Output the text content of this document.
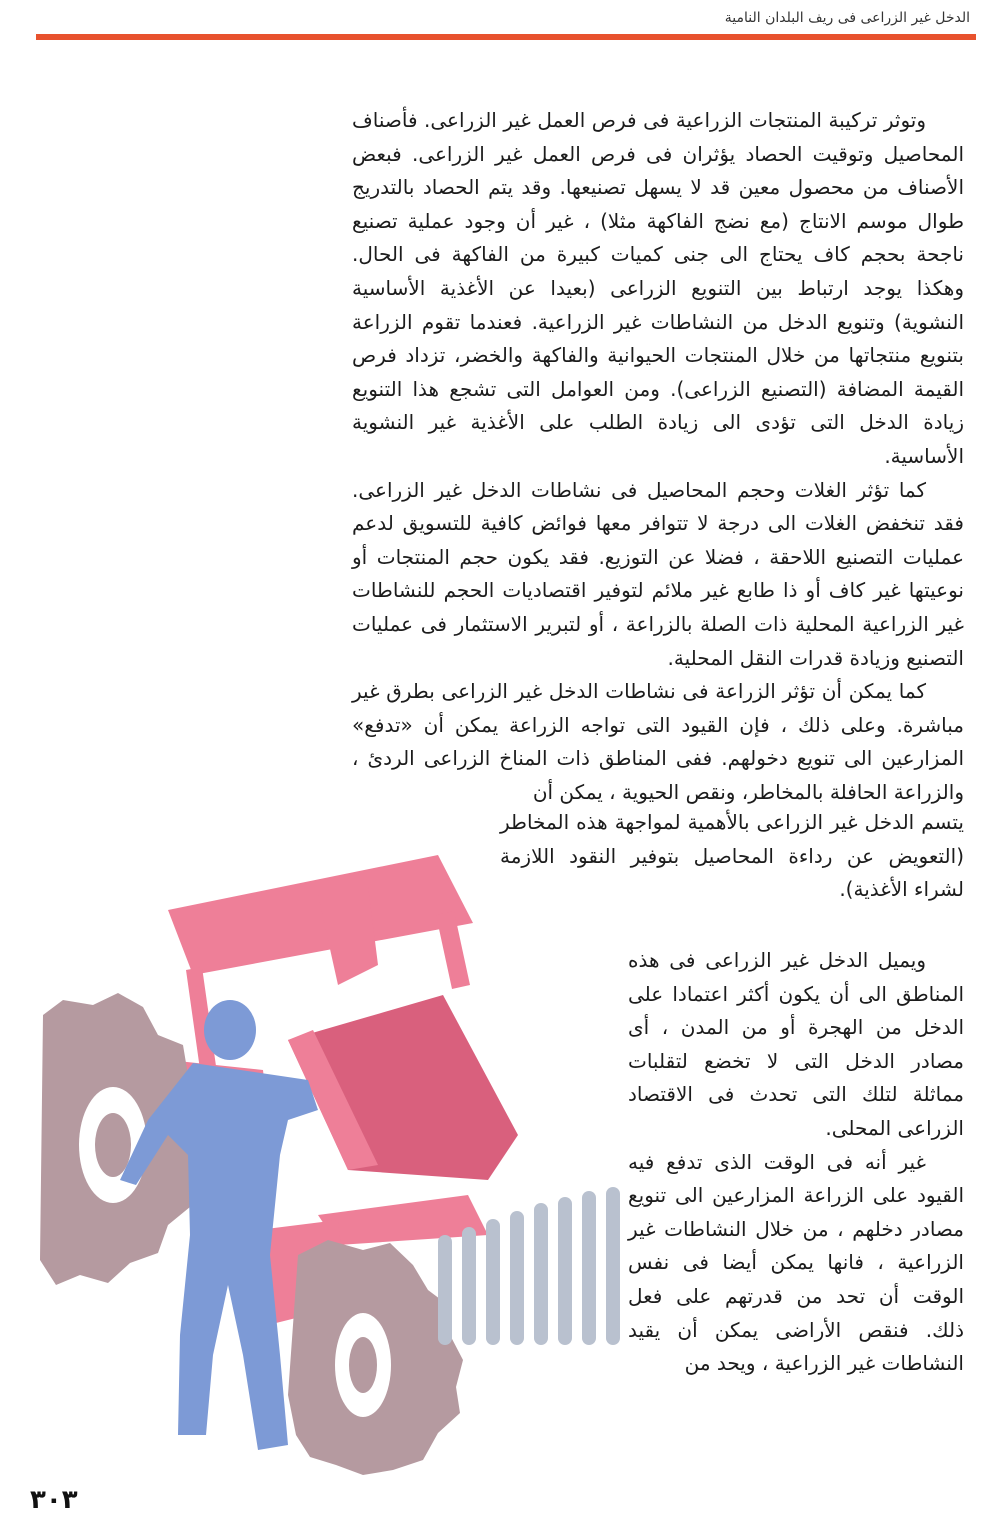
الدخل غير الزراعى فى ريف البلدان النامية

وتوثر تركيبة المنتجات الزراعية فى فرص العمل غير الزراعى. فأصناف المحاصيل وتوقيت الحصاد يؤثران فى فرص العمل غير الزراعى. فبعض الأصناف من محصول معين قد لا يسهل تصنيعها. وقد يتم الحصاد بالتدريج طوال موسم الانتاج (مع نضج الفاكهة مثلا) ، غير أن وجود عملية تصنيع ناجحة بحجم كاف يحتاج الى جنى كميات كبيرة من الفاكهة فى الحال. وهكذا يوجد ارتباط بين التنويع الزراعى (بعيدا عن الأغذية الأساسية النشوية) وتنويع الدخل من النشاطات غير الزراعية. فعندما تقوم الزراعة بتنويع منتجاتها من خلال المنتجات الحيوانية والفاكهة والخضر، تزداد فرص القيمة المضافة (التصنيع الزراعى). ومن العوامل التى تشجع هذا التنويع زيادة الدخل التى تؤدى الى زيادة الطلب على الأغذية غير النشوية الأساسية.

كما تؤثر الغلات وحجم المحاصيل فى نشاطات الدخل غير الزراعى. فقد تنخفض الغلات الى درجة لا تتوافر معها فوائض كافية للتسويق لدعم عمليات التصنيع اللاحقة ، فضلا عن التوزيع. فقد يكون حجم المنتجات أو نوعيتها غير كاف أو ذا طابع غير ملائم لتوفير اقتصاديات الحجم للنشاطات غير الزراعية المحلية ذات الصلة بالزراعة ، أو لتبرير الاستثمار فى عمليات التصنيع وزيادة قدرات النقل المحلية.

كما يمكن أن تؤثر الزراعة فى نشاطات الدخل غير الزراعى بطرق غير مباشرة. وعلى ذلك ، فإن القيود التى تواجه الزراعة يمكن أن «تدفع» المزارعين الى تنويع دخولهم. ففى المناطق ذات المناخ الزراعى الردئ ، والزراعة الحافلة بالمخاطر، ونقص الحيوية ، يمكن أن

يتسم الدخل غير الزراعى بالأهمية لمواجهة هذه المخاطر (التعويض عن رداءة المحاصيل بتوفير النقود اللازمة لشراء الأغذية).

ويميل الدخل غير الزراعى فى هذه المناطق الى أن يكون أكثر اعتمادا على الدخل من الهجرة أو من المدن ، أى مصادر الدخل التى لا تخضع لتقلبات مماثلة لتلك التى تحدث فى الاقتصاد الزراعى المحلى.

غير أنه فى الوقت الذى تدفع فيه القيود على الزراعة المزارعين الى تنويع مصادر دخلهم ، من خلال النشاطات غير الزراعية ، فانها يمكن أيضا فى نفس الوقت أن تحد من قدرتهم على فعل ذلك. فنقص الأراضى يمكن أن يقيد النشاطات غير الزراعية ، ويحد من

٣٠٣
